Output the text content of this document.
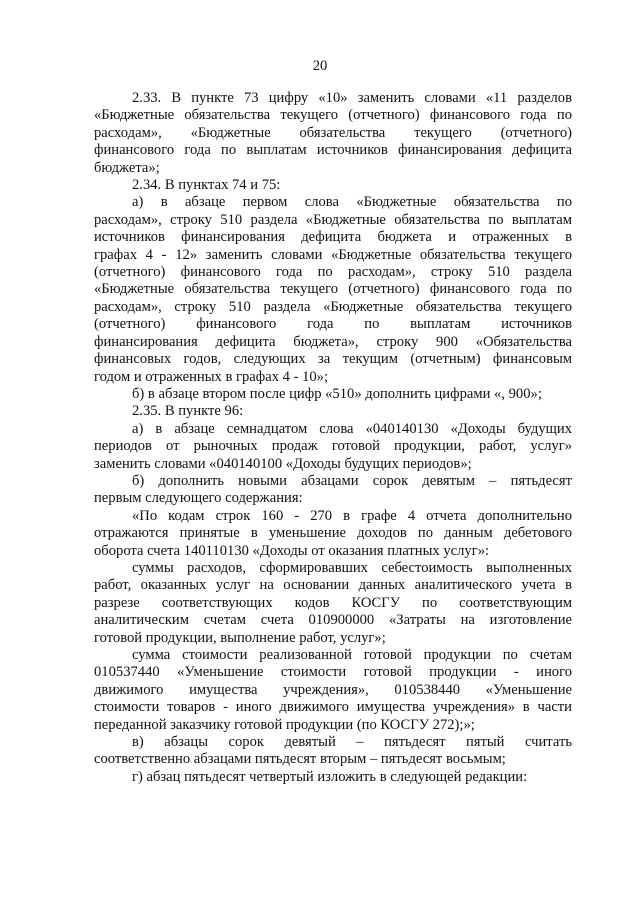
20
2.33. В пункте 73 цифру «10» заменить словами «11 разделов
«Бюджетные обязательства текущего (отчетного) финансового года по
расходам», «Бюджетные обязательства текущего (отчетного)
финансового года по выплатам источников финансирования дефицита
бюджета»;
2.34. В пунктах 74 и 75:
а) в абзаце первом слова «Бюджетные обязательства по
расходам», строку 510 раздела «Бюджетные обязательства по выплатам
источников финансирования дефицита бюджета и отраженных в
графах 4 - 12» заменить словами «Бюджетные обязательства текущего
(отчетного) финансового года по расходам», строку 510 раздела
«Бюджетные обязательства текущего (отчетного) финансового года по
расходам», строку 510 раздела «Бюджетные обязательства текущего
(отчетного) финансового года по выплатам источников
финансирования дефицита бюджета», строку 900 «Обязательства
финансовых годов, следующих за текущим (отчетным) финансовым
годом и отраженных в графах 4 - 10»;
б) в абзаце втором после цифр «510» дополнить цифрами «, 900»;
2.35. В пункте 96:
а) в абзаце семнадцатом слова «040140130 «Доходы будущих
периодов от рыночных продаж готовой продукции, работ, услуг»
заменить словами «040140100 «Доходы будущих периодов»;
б) дополнить новыми абзацами сорок девятым – пятьдесят
первым следующего содержания:
«По кодам строк 160 - 270 в графе 4 отчета дополнительно
отражаются принятые в уменьшение доходов по данным дебетового
оборота счета 140110130 «Доходы от оказания платных услуг»:
суммы расходов, сформировавших себестоимость выполненных
работ, оказанных услуг на основании данных аналитического учета в
разрезе соответствующих кодов КОСГУ по соответствующим
аналитическим счетам счета 010900000 «Затраты на изготовление
готовой продукции, выполнение работ, услуг»;
сумма стоимости реализованной готовой продукции по счетам
010537440 «Уменьшение стоимости готовой продукции - иного
движимого имущества учреждения», 010538440 «Уменьшение
стоимости товаров - иного движимого имущества учреждения» в части
переданной заказчику готовой продукции (по КОСГУ 272);»;
в) абзацы сорок девятый – пятьдесят пятый считать
соответственно абзацами пятьдесят вторым – пятьдесят восьмым;
г) абзац пятьдесят четвертый изложить в следующей редакции:
